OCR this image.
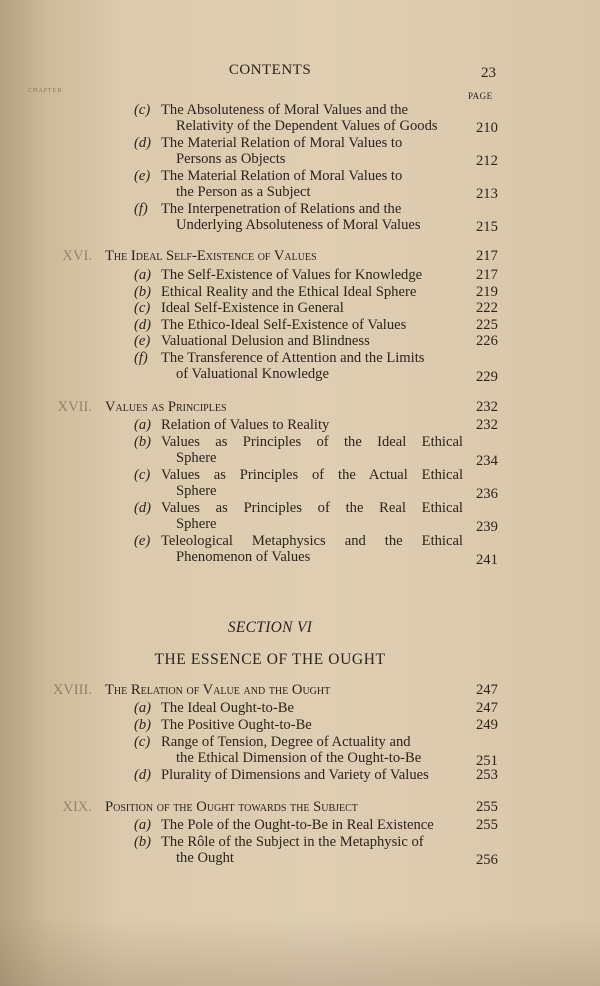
CONTENTS	23
CHAPTER	PAGE
(c) The Absoluteness of Moral Values and the
Relativity of the Dependent Values of Goods	210
(d) The Material Relation of Moral Values to
Persons as Objects	212
(e) The Material Relation of Moral Values to
the Person as a Subject	213
(f) The Interpenetration of Relations and the
Underlying Absoluteness of Moral Values	215
XVI. The Ideal Self-Existence of Values	217
(a) The Self-Existence of Values for Knowledge	217
(b) Ethical Reality and the Ethical Ideal Sphere	219
(c) Ideal Self-Existence in General	222
(d) The Ethico-Ideal Self-Existence of Values	225
(e) Valuational Delusion and Blindness	226
(f) The Transference of Attention and the Limits
of Valuational Knowledge	229
XVII. Values as Principles	232
(a) Relation of Values to Reality	232
(b) Values as Principles of the Ideal Ethical
Sphere	234
(c) Values as Principles of the Actual Ethical
Sphere	236
(d) Values as Principles of the Real Ethical
Sphere	239
(e) Teleological Metaphysics and the Ethical
Phenomenon of Values	241
SECTION VI
THE ESSENCE OF THE OUGHT
XVIII. The Relation of Value and the Ought	247
(a) The Ideal Ought-to-Be	247
(b) The Positive Ought-to-Be	249
(c) Range of Tension, Degree of Actuality and
the Ethical Dimension of the Ought-to-Be	251
(d) Plurality of Dimensions and Variety of Values	253
XIX. Position of the Ought towards the Subject	255
(a) The Pole of the Ought-to-Be in Real Existence	255
(b) The Rôle of the Subject in the Metaphysic of
the Ought	256
